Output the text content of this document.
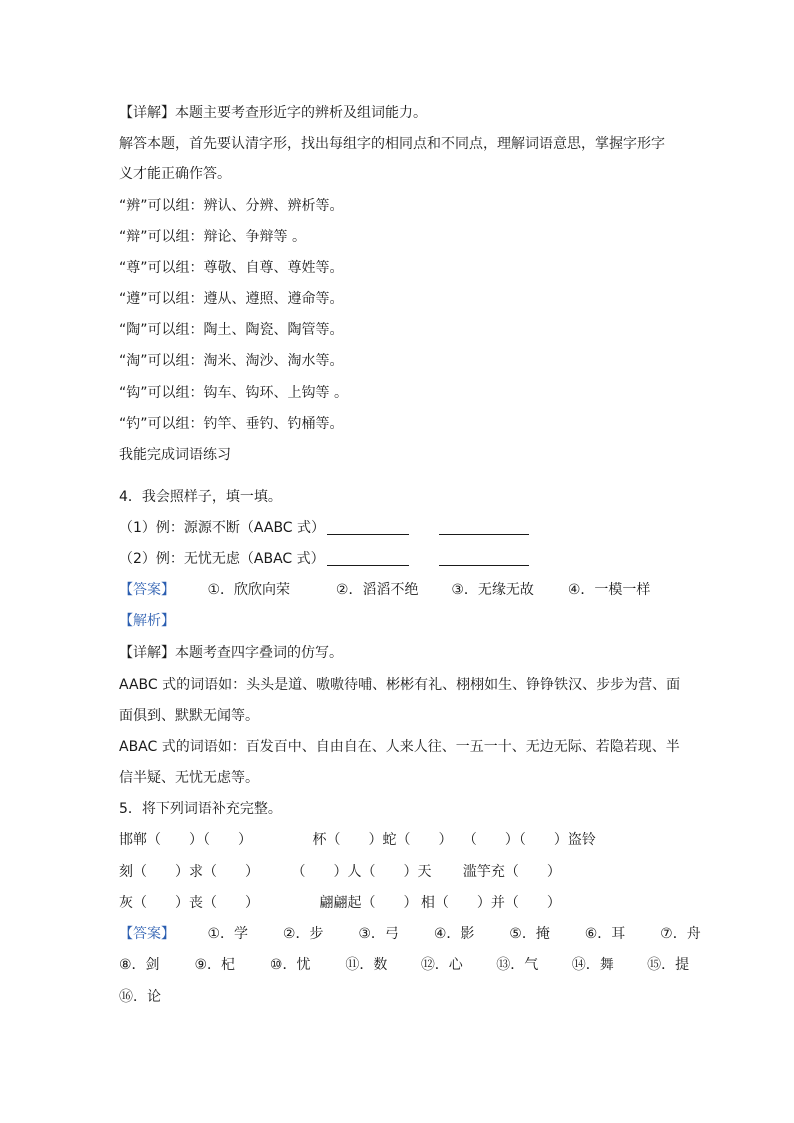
【详解】本题主要考查形近字的辨析及组词能力。
解答本题，首先要认清字形，找出每组字的相同点和不同点，理解词语意思，掌握字形字
义才能正确作答。
“辨”可以组：辨认、分辨、辨析等。
“辩”可以组：辩论、争辩等 。
“尊”可以组：尊敬、自尊、尊姓等。
“遵”可以组：遵从、遵照、遵命等。
“陶”可以组：陶土、陶瓷、陶管等。
“淘”可以组：淘米、淘沙、淘水等。
“钩”可以组：钩车、钩环、上钩等 。
“钓”可以组：钓竿、垂钓、钓桶等。
我能完成词语练习
4．我会照样子，填一填。
（1）例：源源不断（AABC 式）
（2）例：无忧无虑（ABAC 式）
【答案】 ①．欣欣向荣	②．滔滔不绝 ③．无缘无故 ④．一模一样
【解析】
【详解】本题考查四字叠词的仿写。
AABC 式的词语如：头头是道、嗷嗷待哺、彬彬有礼、栩栩如生、铮铮铁汉、步步为营、面
面俱到、默默无闻等。
ABAC 式的词语如：百发百中、自由自在、人来人往、一五一十、无边无际、若隐若现、半
信半疑、无忧无虑等。
5．将下列词语补充完整。
邯郸（　　）（　　）	杯（　　）蛇（　　） （　　）（　　）盗铃
刻（　　）求（　　） （　　）人（　　）天 滥竽充（　　）
灰（　　）丧（　　）	翩翩起（　　） 相（　　）并（　　）
【答案】 ①．学 ②．步 ③．弓 ④．影 ⑤．掩 ⑥．耳 ⑦．舟
⑧．剑 ⑨．杞 ⑩．忧 ⑪．数 ⑫．心 ⑬．气 ⑭．舞 ⑮．提
⑯．论
